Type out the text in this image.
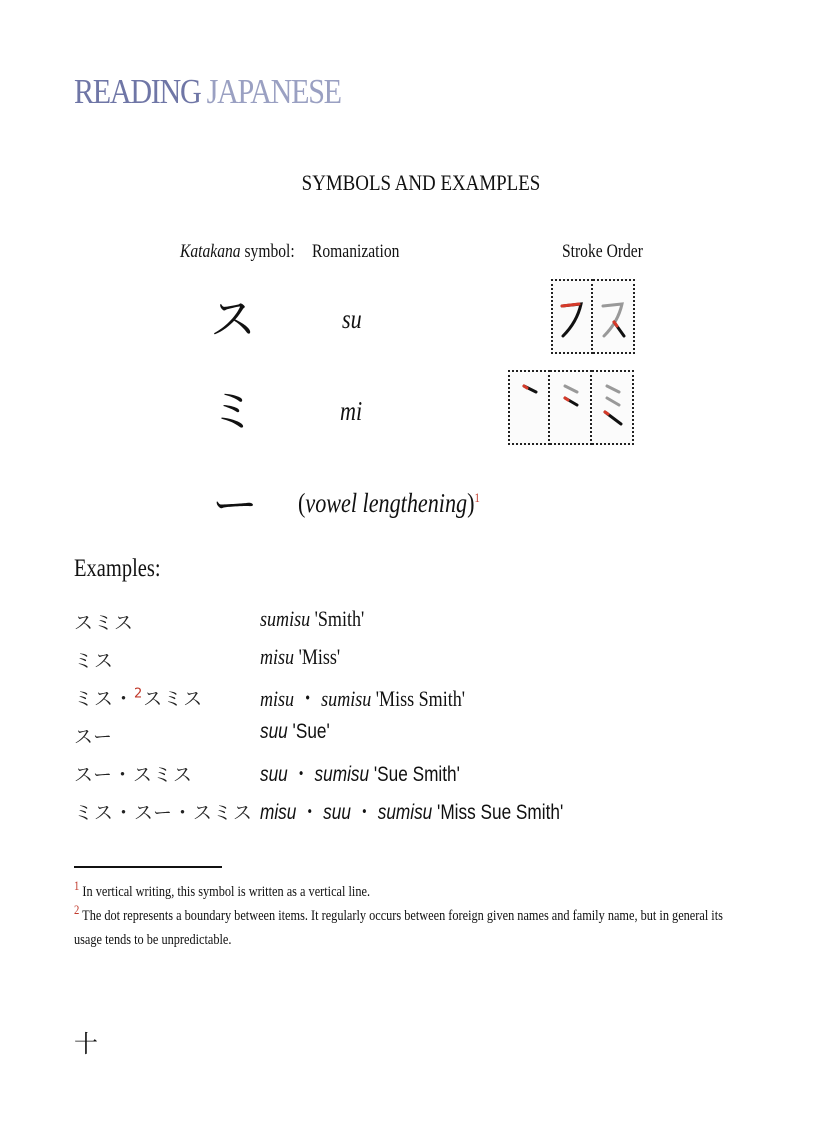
READING JAPANESE
SYMBOLS AND EXAMPLES
Katakana symbol: Romanization	Stroke Order
ス	su
ミ	mi
ー (vowel lengthening)$^1$
Examples:
スミス	sumisu 'Smith'
ミス	misu 'Miss'
ミス・$^2$スミス	misu ・ sumisu 'Miss Smith'
スー	suu 'Sue'
スー・スミス	suu ・ sumisu 'Sue Smith'
ミス・スー・スミス misu ・ suu ・ sumisu 'Miss Sue Smith'
1 In vertical writing, this symbol is written as a vertical line.
2 The dot represents a boundary between items. It regularly occurs between foreign given names and family name, but in general its usage tends to be unpredictable.
十
